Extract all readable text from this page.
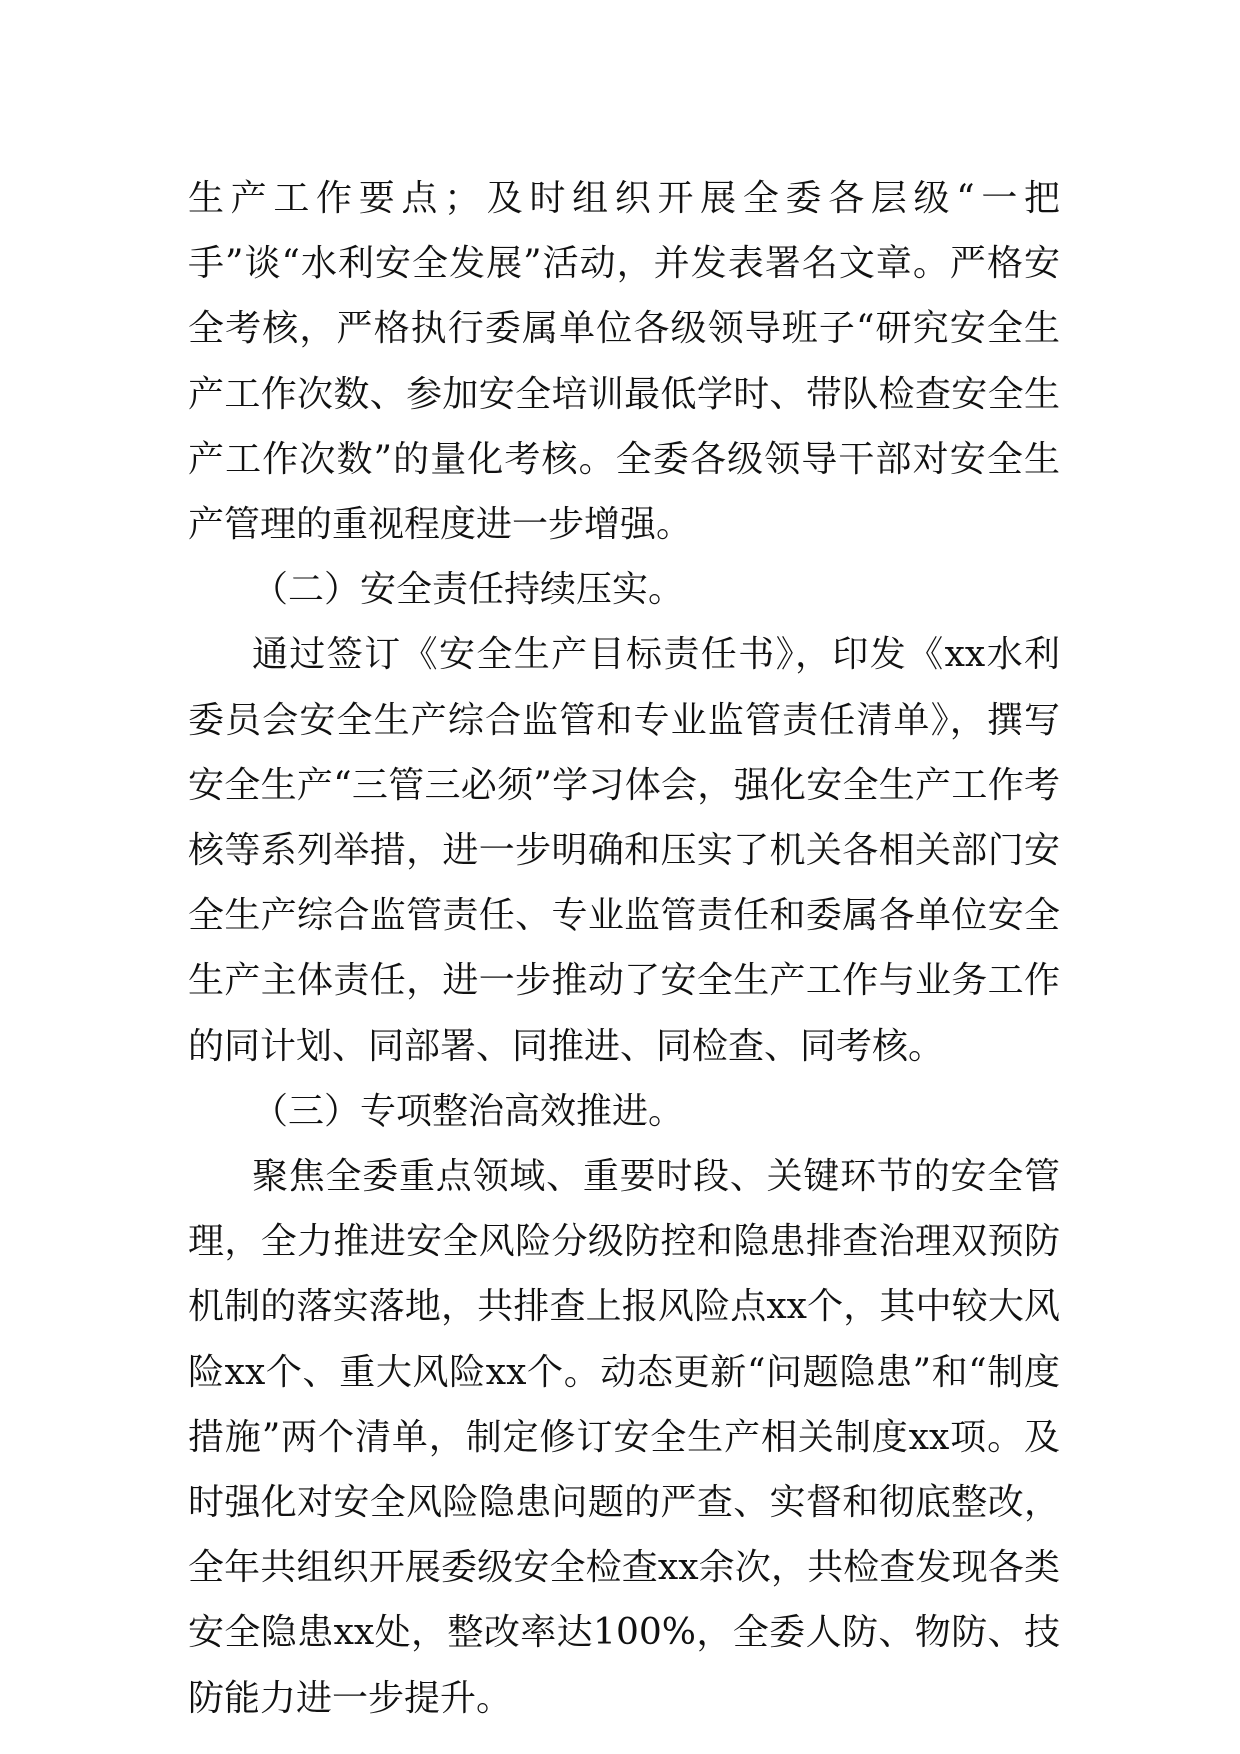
生产工作要点；及时组织开展全委各层级“一把手”谈“水利安全发展”活动，并发表署名文章。严格安全考核，严格执行委属单位各级领导班子“研究安全生产工作次数、参加安全培训最低学时、带队检查安全生产工作次数”的量化考核。全委各级领导干部对安全生产管理的重视程度进一步增强。

（二）安全责任持续压实。

通过签订《安全生产目标责任书》，印发《xx水利委员会安全生产综合监管和专业监管责任清单》，撰写安全生产“三管三必须”学习体会，强化安全生产工作考核等系列举措，进一步明确和压实了机关各相关部门安全生产综合监管责任、专业监管责任和委属各单位安全生产主体责任，进一步推动了安全生产工作与业务工作的同计划、同部署、同推进、同检查、同考核。

（三）专项整治高效推进。

聚焦全委重点领域、重要时段、关键环节的安全管理，全力推进安全风险分级防控和隐患排查治理双预防机制的落实落地，共排查上报风险点xx个，其中较大风险xx个、重大风险xx个。动态更新“问题隐患”和“制度措施”两个清单，制定修订安全生产相关制度xx项。及时强化对安全风险隐患问题的严查、实督和彻底整改，全年共组织开展委级安全检查xx余次，共检查发现各类安全隐患xx处，整改率达100%，全委人防、物防、技防能力进一步提升。
